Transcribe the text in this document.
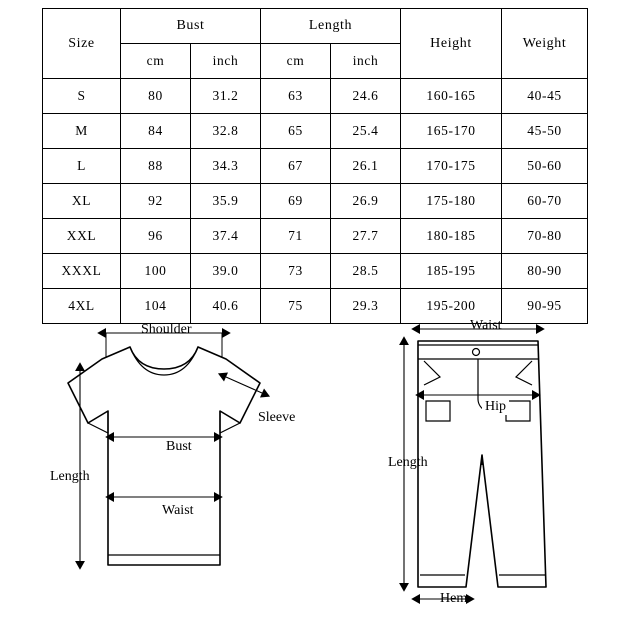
Size	Bust		Length		Height	Weight
	cm	inch	cm	inch		
S	80	31.2	63	24.6	160-165	40-45
M	84	32.8	65	25.4	165-170	45-50
L	88	34.3	67	26.1	170-175	50-60
XL	92	35.9	69	26.9	175-180	60-70
XXL	96	37.4	71	27.7	180-185	70-80
XXXL	100	39.0	73	28.5	185-195	80-90
4XL	104	40.6	75	29.3	195-200	90-95
Shoulder
Sleeve
Bust
Waist
Length
Waist
Hip
Length
Hem
